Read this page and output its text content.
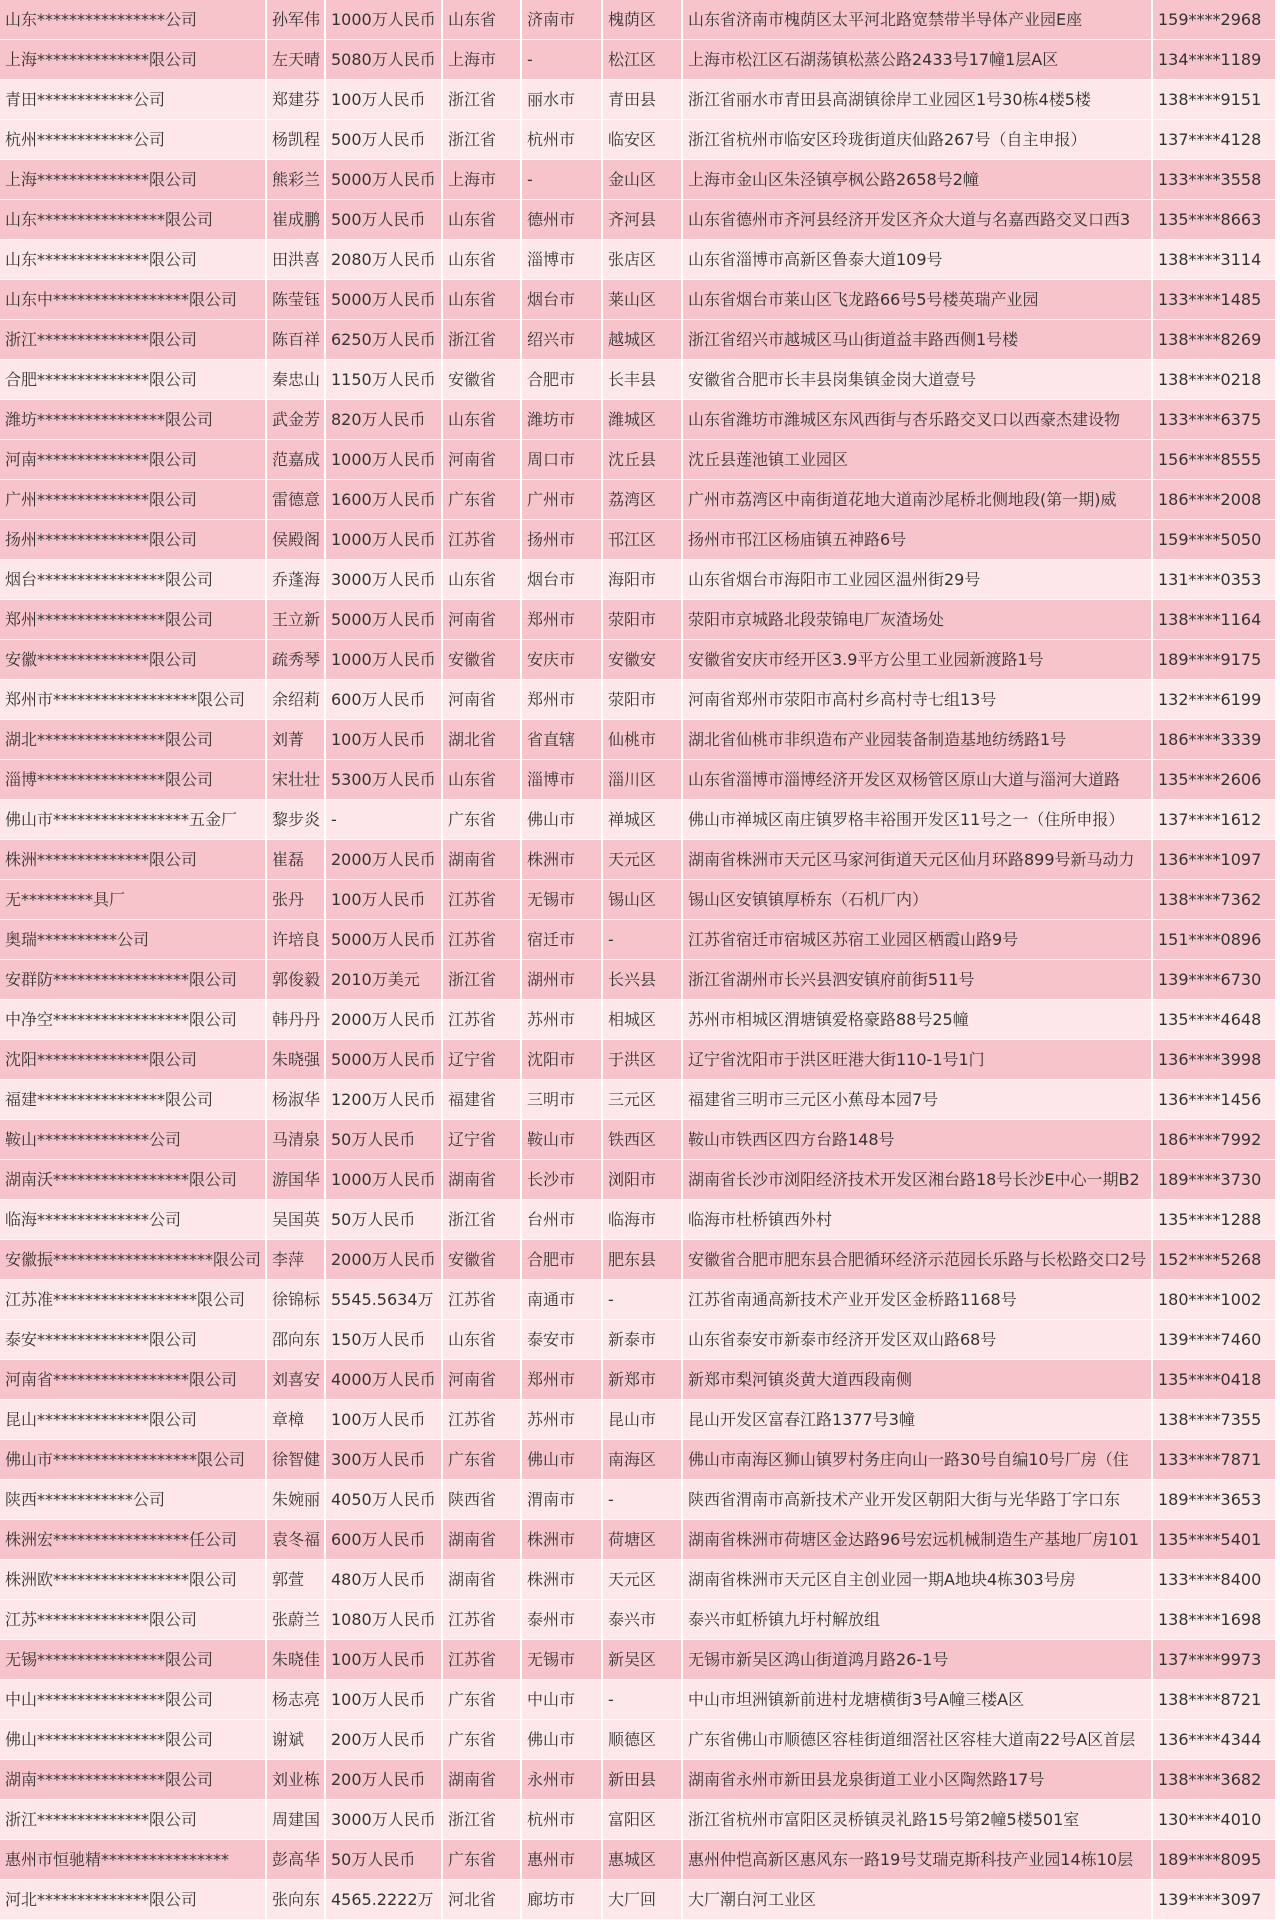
山东****************公司	孙军伟	1000万人民币	山东省	济南市	槐荫区	山东省济南市槐荫区太平河北路宽禁带半导体产业园E座	159****2968
上海**************限公司	左天晴	5080万人民币	上海市	-	松江区	上海市松江区石湖荡镇松蒸公路2433号17幢1层A区	134****1189
青田************公司	郑建芬	100万人民币	浙江省	丽水市	青田县	浙江省丽水市青田县高湖镇徐岸工业园区1号30栋4楼5楼	138****9151
杭州************公司	杨凯程	500万人民币	浙江省	杭州市	临安区	浙江省杭州市临安区玲珑街道庆仙路267号（自主申报）	137****4128
上海**************限公司	熊彩兰	5000万人民币	上海市	-	金山区	上海市金山区朱泾镇亭枫公路2658号2幢	133****3558
山东****************限公司	崔成鹏	500万人民币	山东省	德州市	齐河县	山东省德州市齐河县经济开发区齐众大道与名嘉西路交叉口西3	135****8663
山东**************限公司	田洪喜	2080万人民币	山东省	淄博市	张店区	山东省淄博市高新区鲁泰大道109号	138****3114
山东中*****************限公司	陈莹钰	5000万人民币	山东省	烟台市	莱山区	山东省烟台市莱山区飞龙路66号5号楼英瑞产业园	133****1485
浙江**************限公司	陈百祥	6250万人民币	浙江省	绍兴市	越城区	浙江省绍兴市越城区马山街道益丰路西侧1号楼	138****8269
合肥**************限公司	秦忠山	1150万人民币	安徽省	合肥市	长丰县	安徽省合肥市长丰县岗集镇金岗大道壹号	138****0218
潍坊****************限公司	武金芳	820万人民币	山东省	潍坊市	潍城区	山东省潍坊市潍城区东风西街与杏乐路交叉口以西豪杰建设物	133****6375
河南**************限公司	范嘉成	1000万人民币	河南省	周口市	沈丘县	沈丘县莲池镇工业园区	156****8555
广州**************限公司	雷德意	1600万人民币	广东省	广州市	荔湾区	广州市荔湾区中南街道花地大道南沙尾桥北侧地段(第一期)威	186****2008
扬州**************限公司	侯殿阁	1000万人民币	江苏省	扬州市	邗江区	扬州市邗江区杨庙镇五神路6号	159****5050
烟台****************限公司	乔蓬海	3000万人民币	山东省	烟台市	海阳市	山东省烟台市海阳市工业园区温州街29号	131****0353
郑州****************限公司	王立新	5000万人民币	河南省	郑州市	荥阳市	荥阳市京城路北段荥锦电厂灰渣场处	138****1164
安徽**************限公司	疏秀琴	1000万人民币	安徽省	安庆市	安徽安	安徽省安庆市经开区3.9平方公里工业园新渡路1号	189****9175
郑州市******************限公司	余绍莉	600万人民币	河南省	郑州市	荥阳市	河南省郑州市荥阳市高村乡高村寺七组13号	132****6199
湖北****************限公司	刘菁	100万人民币	湖北省	省直辖	仙桃市	湖北省仙桃市非织造布产业园装备制造基地纺绣路1号	186****3339
淄博****************限公司	宋壮壮	5300万人民币	山东省	淄博市	淄川区	山东省淄博市淄博经济开发区双杨管区原山大道与淄河大道路	135****2606
佛山市*****************五金厂	黎步炎	-	广东省	佛山市	禅城区	佛山市禅城区南庄镇罗格丰裕围开发区11号之一（住所申报）	137****1612
株洲**************限公司	崔磊	2000万人民币	湖南省	株洲市	天元区	湖南省株洲市天元区马家河街道天元区仙月环路899号新马动力	136****1097
无*********具厂	张丹	100万人民币	江苏省	无锡市	锡山区	锡山区安镇镇厚桥东（石机厂内）	138****7362
奥瑞**********公司	许培良	5000万人民币	江苏省	宿迁市	-	江苏省宿迁市宿城区苏宿工业园区栖霞山路9号	151****0896
安群防*****************限公司	郭俊毅	2010万美元	浙江省	湖州市	长兴县	浙江省湖州市长兴县泗安镇府前街511号	139****6730
中净空*****************限公司	韩丹丹	2000万人民币	江苏省	苏州市	相城区	苏州市相城区渭塘镇爱格豪路88号25幢	135****4648
沈阳**************限公司	朱晓强	5000万人民币	辽宁省	沈阳市	于洪区	辽宁省沈阳市于洪区旺港大街110-1号1门	136****3998
福建****************限公司	杨淑华	1200万人民币	福建省	三明市	三元区	福建省三明市三元区小蕉母本园7号	136****1456
鞍山**************公司	马清泉	50万人民币	辽宁省	鞍山市	铁西区	鞍山市铁西区四方台路148号	186****7992
湖南沃*****************限公司	游国华	1000万人民币	湖南省	长沙市	浏阳市	湖南省长沙市浏阳经济技术开发区湘台路18号长沙E中心一期B2	189****3730
临海**************公司	吴国英	50万人民币	浙江省	台州市	临海市	临海市杜桥镇西外村	135****1288
安徽振********************限公司	李萍	2000万人民币	安徽省	合肥市	肥东县	安徽省合肥市肥东县合肥循环经济示范园长乐路与长松路交口2号	152****5268
江苏准******************限公司	徐锦标	5545.5634万	江苏省	南通市	-	江苏省南通高新技术产业开发区金桥路1168号	180****1002
泰安**************限公司	邵向东	150万人民币	山东省	泰安市	新泰市	山东省泰安市新泰市经济开发区双山路68号	139****7460
河南省*****************限公司	刘喜安	4000万人民币	河南省	郑州市	新郑市	新郑市梨河镇炎黄大道西段南侧	135****0418
昆山**************限公司	章樟	100万人民币	江苏省	苏州市	昆山市	昆山开发区富春江路1377号3幢	138****7355
佛山市******************限公司	徐智健	300万人民币	广东省	佛山市	南海区	佛山市南海区狮山镇罗村务庄向山一路30号自编10号厂房（住	133****7871
陕西************公司	朱婉丽	4050万人民币	陕西省	渭南市	-	陕西省渭南市高新技术产业开发区朝阳大街与光华路丁字口东	189****3653
株洲宏*****************任公司	袁冬福	600万人民币	湖南省	株洲市	荷塘区	湖南省株洲市荷塘区金达路96号宏远机械制造生产基地厂房101	135****5401
株洲欧*****************限公司	郭萱	480万人民币	湖南省	株洲市	天元区	湖南省株洲市天元区自主创业园一期A地块4栋303号房	133****8400
江苏**************限公司	张蔚兰	1080万人民币	江苏省	泰州市	泰兴市	泰兴市虹桥镇九圩村解放组	138****1698
无锡****************限公司	朱晓佳	100万人民币	江苏省	无锡市	新吴区	无锡市新吴区鸿山街道鸿月路26-1号	137****9973
中山****************限公司	杨志亮	100万人民币	广东省	中山市	-	中山市坦洲镇新前进村龙塘横街3号A幢三楼A区	138****8721
佛山****************限公司	谢斌	200万人民币	广东省	佛山市	顺德区	广东省佛山市顺德区容桂街道细滘社区容桂大道南22号A区首层	136****4344
湖南****************限公司	刘业栋	200万人民币	湖南省	永州市	新田县	湖南省永州市新田县龙泉街道工业小区陶然路17号	138****3682
浙江**************限公司	周建国	3000万人民币	浙江省	杭州市	富阳区	浙江省杭州市富阳区灵桥镇灵礼路15号第2幢5楼501室	130****4010
惠州市恒驰精****************	彭高华	50万人民币	广东省	惠州市	惠城区	惠州仲恺高新区惠风东一路19号艾瑞克斯科技产业园14栋10层	189****8095
河北**************限公司	张向东	4565.2222万	河北省	廊坊市	大厂回	大厂潮白河工业区	139****3097
